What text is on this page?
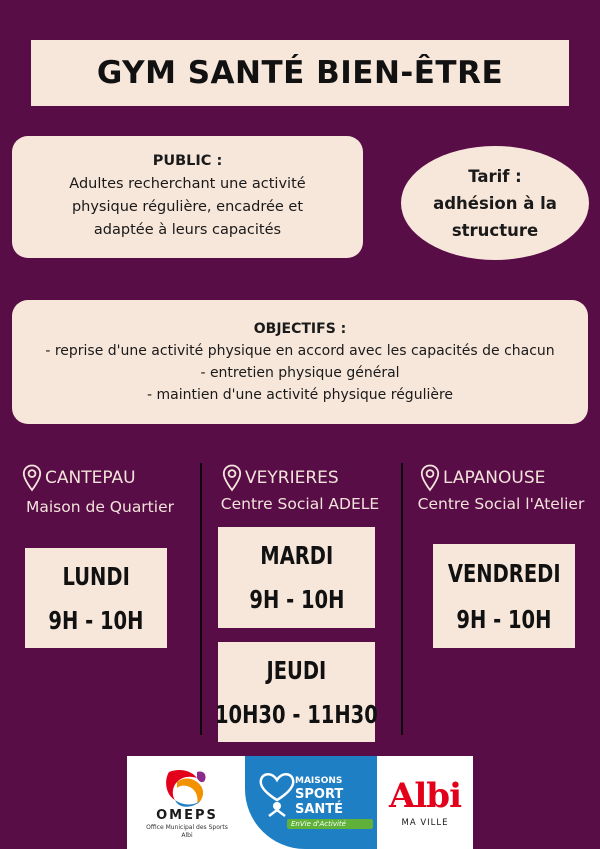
GYM SANTÉ BIEN-ÊTRE
PUBLIC :
Adultes recherchant une activité
physique régulière, encadrée et
adaptée à leurs capacités
Tarif :
adhésion à la
structure
OBJECTIFS :
- reprise d'une activité physique en accord avec les capacités de chacun
- entretien physique général
- maintien d'une activité physique régulière
CANTEPAU
Maison de Quartier
VEYRIERES
Centre Social ADELE
LAPANOUSE
Centre Social l'Atelier
LUNDI
9H - 10H
MARDI
9H - 10H
JEUDI
10H30 - 11H30
VENDREDI
9H - 10H
OMEPS
Office Municipal des Sports
Albi
MAISONS
SPORT
SANTÉ
EnVie d'Activité
Albi
MA VILLE
